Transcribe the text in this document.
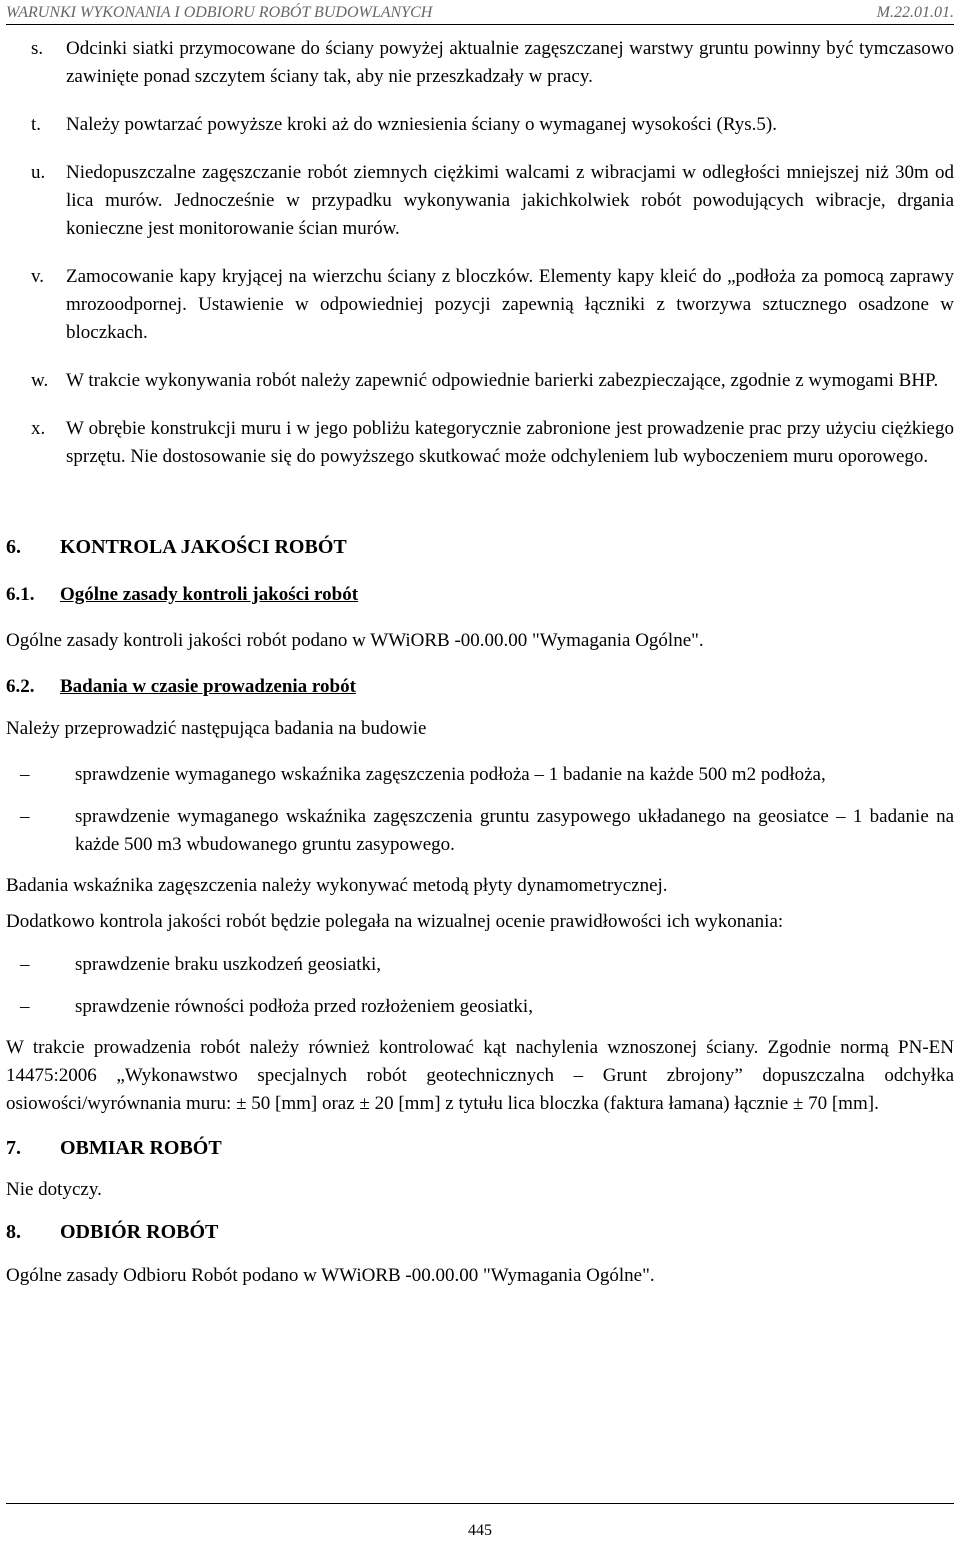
WARUNKI WYKONANIA I ODBIORU ROBÓT BUDOWLANYCH	M.22.01.01.
s. Odcinki siatki przymocowane do ściany powyżej aktualnie zagęszczanej warstwy gruntu powinny być tymczasowo zawinięte ponad szczytem ściany tak, aby nie przeszkadzały w pracy.
t. Należy powtarzać powyższe kroki aż do wzniesienia ściany o wymaganej wysokości (Rys.5).
u. Niedopuszczalne zagęszczanie robót ziemnych ciężkimi walcami z wibracjami w odległości mniejszej niż 30m od lica murów. Jednocześnie w przypadku wykonywania jakichkolwiek robót powodujących wibracje, drgania konieczne jest monitorowanie ścian murów.
v. Zamocowanie kapy kryjącej na wierzchu ściany z bloczków. Elementy kapy kleić do „podłoża za pomocą zaprawy mrozoodpornej. Ustawienie w odpowiedniej pozycji zapewnią łączniki z tworzywa sztucznego osadzone w bloczkach.
w. W trakcie wykonywania robót należy zapewnić odpowiednie barierki zabezpieczające, zgodnie z wymogami BHP.
x. W obrębie konstrukcji muru i w jego pobliżu kategorycznie zabronione jest prowadzenie prac przy użyciu ciężkiego sprzętu. Nie dostosowanie się do powyższego skutkować może odchyleniem lub wyboczeniem muru oporowego.
6. KONTROLA JAKOŚCI ROBÓT
6.1. Ogólne zasady kontroli jakości robót

Ogólne zasady kontroli jakości robót podano w WWiORB -00.00.00 "Wymagania Ogólne".

6.2. Badania w czasie prowadzenia robót

Należy przeprowadzić następująca badania na budowie

– sprawdzenie wymaganego wskaźnika zagęszczenia podłoża – 1 badanie na każde 500 m2 podłoża,
– sprawdzenie wymaganego wskaźnika zagęszczenia gruntu zasypowego układanego na geosiatce – 1 badanie na każde 500 m3 wbudowanego gruntu zasypowego.

Badania wskaźnika zagęszczenia należy wykonywać metodą płyty dynamometrycznej.

Dodatkowo kontrola jakości robót będzie polegała na wizualnej ocenie prawidłowości ich wykonania:

– sprawdzenie braku uszkodzeń geosiatki,
– sprawdzenie równości podłoża przed rozłożeniem geosiatki,

W trakcie prowadzenia robót należy również kontrolować kąt nachylenia wznoszonej ściany. Zgodnie normą PN-EN 14475:2006 „Wykonawstwo specjalnych robót geotechnicznych – Grunt zbrojony” dopuszczalna odchyłka osiowości/wyrównania muru: ± 50 [mm] oraz ± 20 [mm] z tytułu lica bloczka (faktura łamana) łącznie ± 70 [mm].

7. OBMIAR ROBÓT

Nie dotyczy.

8. ODBIÓR ROBÓT

Ogólne zasady Odbioru Robót podano w WWiORB -00.00.00 "Wymagania Ogólne".

445
